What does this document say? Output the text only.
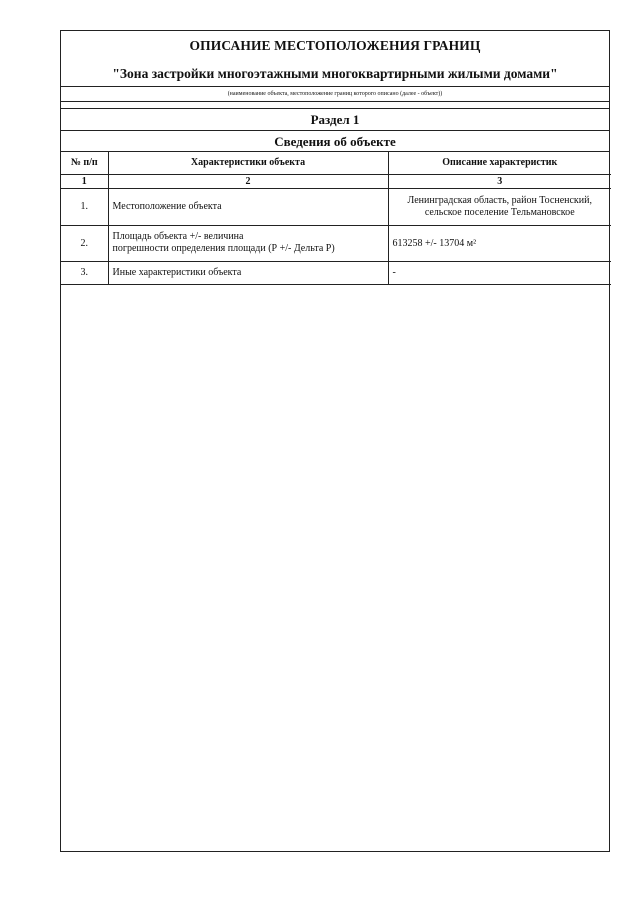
ОПИСАНИЕ МЕСТОПОЛОЖЕНИЯ ГРАНИЦ
"Зона застройки многоэтажными многоквартирными жилыми домами"
(наименование объекта, местоположение границ которого описано (далее - объект))
Раздел 1
Сведения об объекте
№ п/п	Характеристики объекта	Описание характеристик
1	2	3
1.	Местоположение объекта	Ленинградская область, район Тосненский,
сельское поселение Тельмановское

2.	Площадь объекта +/- величина
погрешности определения площади (Р +/- Дельта Р)	613258 +/- 13704 м²

3.	Иные характеристики объекта	-
